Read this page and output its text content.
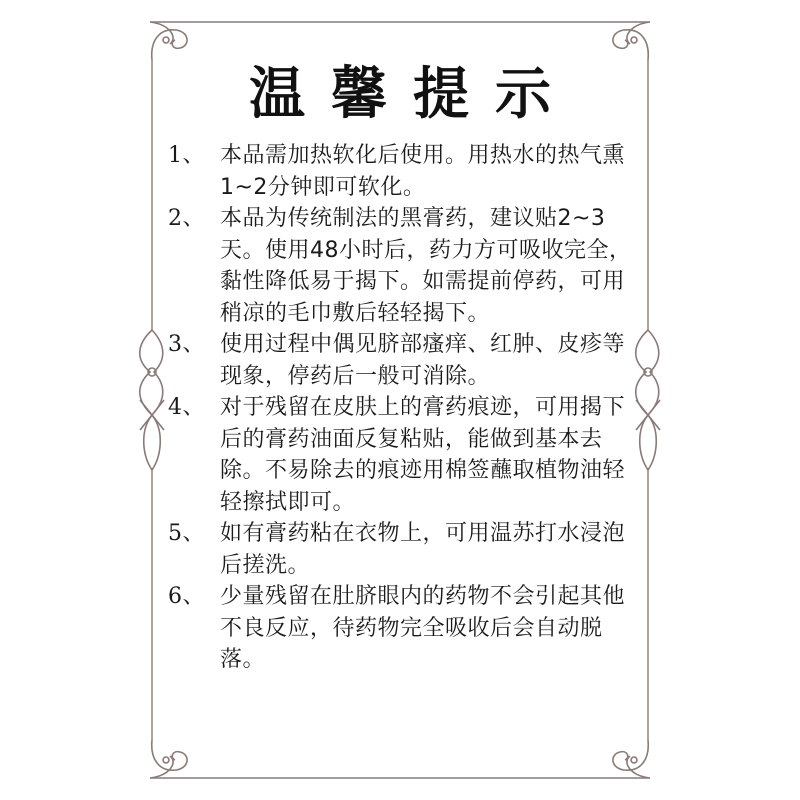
温馨提示
1、 本品需加热软化后使用。用热水的热气熏1~2分钟即可软化。
2、 本品为传统制法的黑膏药，建议贴2~3天。使用48小时后，药力方可吸收完全，黏性降低易于揭下。如需提前停药，可用稍凉的毛巾敷后轻轻揭下。
3、 使用过程中偶见脐部瘙痒、红肿、皮疹等现象，停药后一般可消除。
4、 对于残留在皮肤上的膏药痕迹，可用揭下后的膏药油面反复粘贴，能做到基本去除。不易除去的痕迹用棉签蘸取植物油轻轻擦拭即可。
5、 如有膏药粘在衣物上，可用温苏打水浸泡后搓洗。
6、 少量残留在肚脐眼内的药物不会引起其他不良反应，待药物完全吸收后会自动脱落。
